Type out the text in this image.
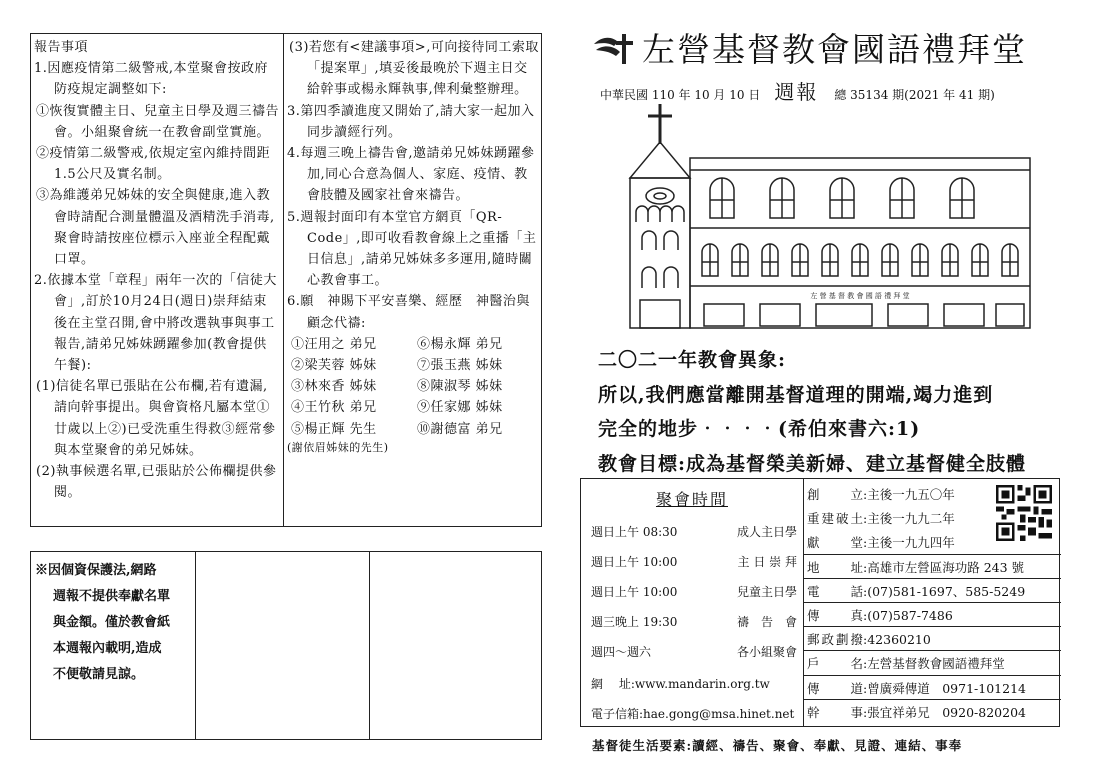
報告事項

1.因應疫情第二級警戒,本堂聚會按政府防疫規定調整如下:

①恢復實體主日、兒童主日學及週三禱告會。小組聚會統一在教會副堂實施。

②疫情第二級警戒,依規定室內維持間距1.5公尺及實名制。

③為維護弟兄姊妹的安全與健康,進入教會時請配合測量體溫及酒精洗手消毒,聚會時請按座位標示入座並全程配戴口罩。

2.依據本堂「章程」兩年一次的「信徒大會」,訂於10月24日(週日)崇拜結束後在主堂召開,會中將改選執事與事工報告,請弟兄姊妹踴躍參加(教會提供午餐):

(1)信徒名單已張貼在公布欄,若有遺漏,請向幹事提出。與會資格凡屬本堂①廿歲以上②)已受洗重生得救③經常參與本堂聚會的弟兄姊妹。

(2)執事候選名單,已張貼於公佈欄提供參閱。

(3)若您有<建議事項>,可向接待同工索取「提案單」,填妥後最晚於下週主日交給幹事或楊永輝執事,俾利彙整辦理。

3.第四季讀進度又開始了,請大家一起加入同步讀經行列。

4.每週三晚上禱告會,邀請弟兄姊妹踴躍參加,同心合意為個人、家庭、疫情、教會肢體及國家社會來禱告。

5.週報封面印有本堂官方網頁「QR-Code」,即可收看教會線上之重播「主日信息」,請弟兄姊妹多多運用,隨時關心教會事工。

6.願　神賜下平安喜樂、經歷　神醫治與顧念代禱:

①汪用之 弟兄	⑥楊永輝 弟兄
②梁芙蓉 姊妹	⑦張玉燕 姊妹
③林來香 姊妹	⑧陳淑琴 姊妹
④王竹秋 弟兄	⑨任家娜 姊妹
⑤楊正輝 先生	⑩謝德富 弟兄

(謝依眉姊妹的先生)

※因個資保護法,網路
週報不提供奉獻名單
與金額。僅於教會紙
本週報內載明,造成
不便敬請見諒。
左營基督教會國語禮拜堂
中華民國 110 年 10 月 10 日 週報 總 35134 期(2021 年 41 期)
左 營 基 督 教 會 國 語 禮 拜 堂
二〇二一年教會異象:
所以,我們應當離開基督道理的開端,竭力進到
完全的地步‧‧‧‧(希伯來書六:1)
教會目標:成為基督榮美新婦、建立基督健全肢體
聚會時間
週日上午 08:30	成人主日學
週日上午 10:00	主 日 崇 拜
週日上午 10:00	兒童主日學
週三晚上 19:30	禱　告　會
週四～週六	各小組聚會
網　 址:www.mandarin.org.tw
電子信箱:hae.gong@msa.hinet.net
創　　立:主後一九五〇年
重建破土:主後一九九二年
獻　　堂:主後一九九四年
地　　址:高雄市左營區海功路 243 號
電　　話:(07)581-1697、585-5249
傳　　真:(07)587-7486
郵政劃撥:42360210
戶　　名:左營基督教會國語禮拜堂
傳　　道:曾廣舜傳道　0971-101214
幹　　事:張宜祥弟兄　0920-820204
基督徒生活要素:讀經、禱告、聚會、奉獻、見證、連結、事奉
